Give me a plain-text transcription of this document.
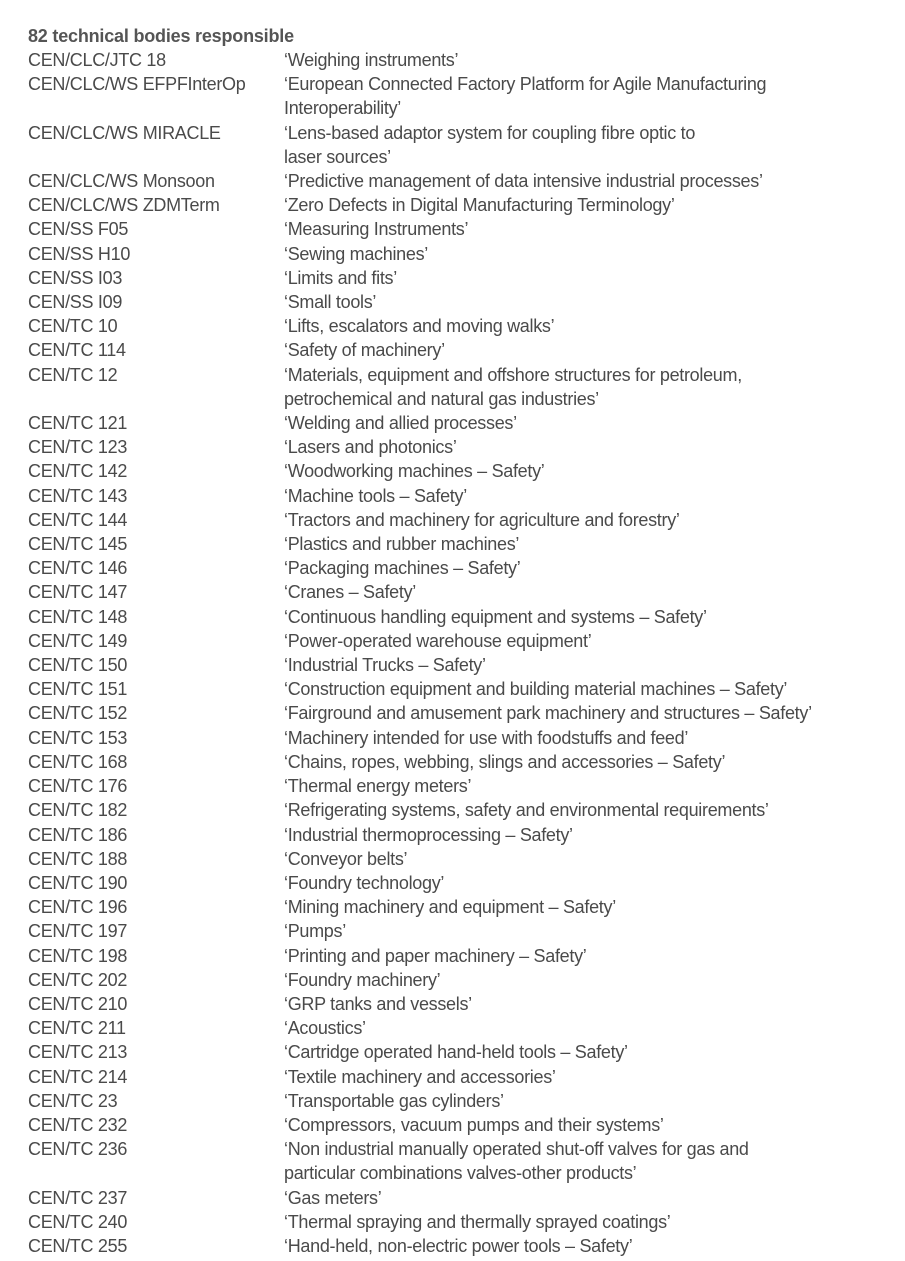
82 technical bodies responsible
CEN/CLC/JTC 18	‘Weighing instruments’
CEN/CLC/WS EFPFInterOp	‘European Connected Factory Platform for Agile Manufacturing
Interoperability’
CEN/CLC/WS MIRACLE	‘Lens-based adaptor system for coupling fibre optic to
laser sources’
CEN/CLC/WS Monsoon	‘Predictive management of data intensive industrial processes’
CEN/CLC/WS ZDMTerm	‘Zero Defects in Digital Manufacturing Terminology’
CEN/SS F05	‘Measuring Instruments’
CEN/SS H10	‘Sewing machines’
CEN/SS I03	‘Limits and fits’
CEN/SS I09	‘Small tools’
CEN/TC 10	‘Lifts, escalators and moving walks’
CEN/TC 114	‘Safety of machinery’
CEN/TC 12	‘Materials, equipment and offshore structures for petroleum,
petrochemical and natural gas industries’
CEN/TC 121	‘Welding and allied processes’
CEN/TC 123	‘Lasers and photonics’
CEN/TC 142	‘Woodworking machines – Safety’
CEN/TC 143	‘Machine tools – Safety’
CEN/TC 144	‘Tractors and machinery for agriculture and forestry’
CEN/TC 145	‘Plastics and rubber machines’
CEN/TC 146	‘Packaging machines – Safety’
CEN/TC 147	‘Cranes – Safety’
CEN/TC 148	‘Continuous handling equipment and systems – Safety’
CEN/TC 149	‘Power-operated warehouse equipment’
CEN/TC 150	‘Industrial Trucks – Safety’
CEN/TC 151	‘Construction equipment and building material machines – Safety’
CEN/TC 152	‘Fairground and amusement park machinery and structures – Safety’
CEN/TC 153	‘Machinery intended for use with foodstuffs and feed’
CEN/TC 168	‘Chains, ropes, webbing, slings and accessories – Safety’
CEN/TC 176	‘Thermal energy meters’
CEN/TC 182	‘Refrigerating systems, safety and environmental requirements’
CEN/TC 186	‘Industrial thermoprocessing – Safety’
CEN/TC 188	‘Conveyor belts’
CEN/TC 190	‘Foundry technology’
CEN/TC 196	‘Mining machinery and equipment – Safety’
CEN/TC 197	‘Pumps’
CEN/TC 198	‘Printing and paper machinery – Safety’
CEN/TC 202	‘Foundry machinery’
CEN/TC 210	‘GRP tanks and vessels’
CEN/TC 211	‘Acoustics’
CEN/TC 213	‘Cartridge operated hand-held tools – Safety’
CEN/TC 214	‘Textile machinery and accessories’
CEN/TC 23	‘Transportable gas cylinders’
CEN/TC 232	‘Compressors, vacuum pumps and their systems’
CEN/TC 236	‘Non industrial manually operated shut-off valves for gas and
particular combinations valves-other products’
CEN/TC 237	‘Gas meters’
CEN/TC 240	‘Thermal spraying and thermally sprayed coatings’
CEN/TC 255	‘Hand-held, non-electric power tools – Safety’
